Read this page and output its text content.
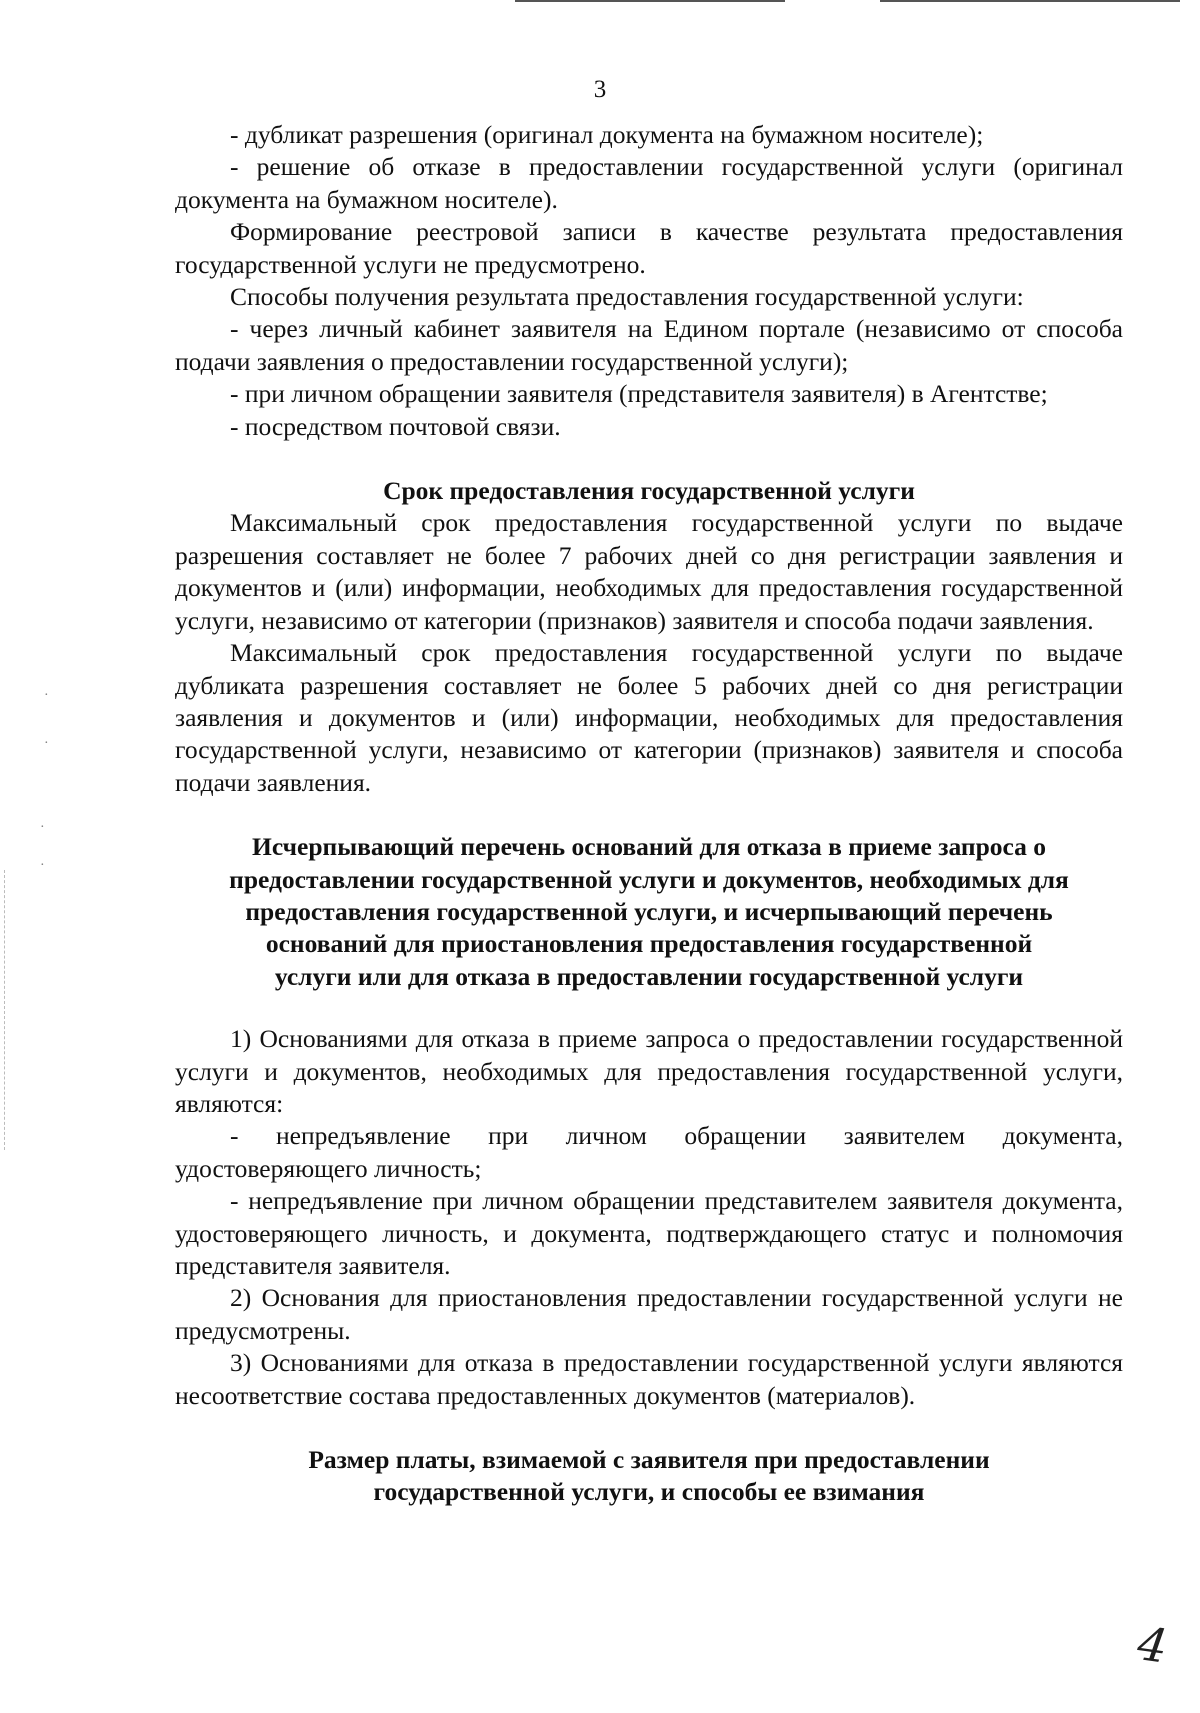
·
·
·
·
3

- дубликат разрешения (оригинал документа на бумажном носителе);

- решение об отказе в предоставлении государственной услуги (оригинал документа на бумажном носителе).

Формирование реестровой записи в качестве результата предоставления государственной услуги не предусмотрено.

Способы получения результата предоставления государственной услуги:

- через личный кабинет заявителя на Едином портале (независимо от способа подачи заявления о предоставлении государственной услуги);

- при личном обращении заявителя (представителя заявителя) в Агентстве;

- посредством почтовой связи.

Срок предоставления государственной услуги

Максимальный срок предоставления государственной услуги по выдаче разрешения составляет не более 7 рабочих дней со дня регистрации заявления и документов и (или) информации, необходимых для предоставления государственной услуги, независимо от категории (признаков) заявителя и способа подачи заявления.

Максимальный срок предоставления государственной услуги по выдаче дубликата разрешения составляет не более 5 рабочих дней со дня регистрации заявления и документов и (или) информации, необходимых для предоставления государственной услуги, независимо от категории (признаков) заявителя и способа подачи заявления.

Исчерпывающий перечень оснований для отказа в приеме запроса о

предоставлении государственной услуги и документов, необходимых для

предоставления государственной услуги, и исчерпывающий перечень

оснований для приостановления предоставления государственной

услуги или для отказа в предоставлении государственной услуги

1) Основаниями для отказа в приеме запроса о предоставлении государственной услуги и документов, необходимых для предоставления государственной услуги, являются:

- непредъявление при личном обращении заявителем документа, удостоверяющего личность;

- непредъявление при личном обращении представителем заявителя документа, удостоверяющего личность, и документа, подтверждающего статус и полномочия представителя заявителя.

2) Основания для приостановления предоставлении государственной услуги не предусмотрены.

3) Основаниями для отказа в предоставлении государственной услуги являются несоответствие состава предоставленных документов (материалов).

Размер платы, взимаемой с заявителя при предоставлении

государственной услуги, и способы ее взимания

4
